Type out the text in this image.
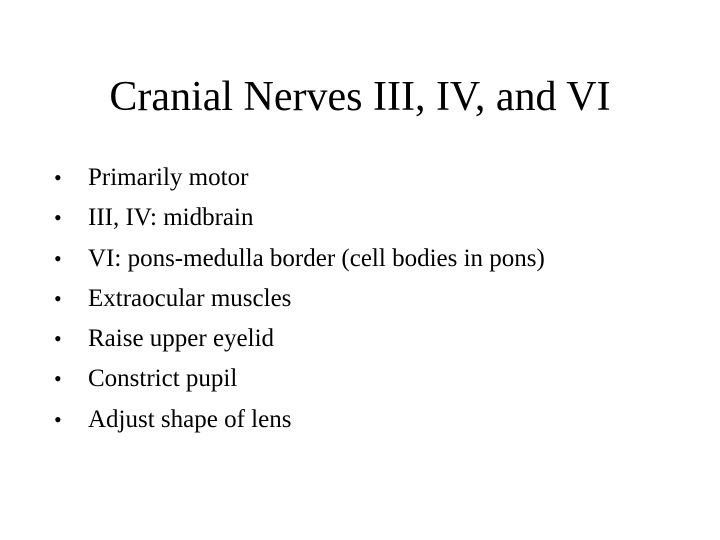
Cranial Nerves III, IV, and VI
•	Primarily motor
•	III, IV: midbrain
•	VI: pons-medulla border (cell bodies in pons)
•	Extraocular muscles
•	Raise upper eyelid
•	Constrict pupil
•	Adjust shape of lens
